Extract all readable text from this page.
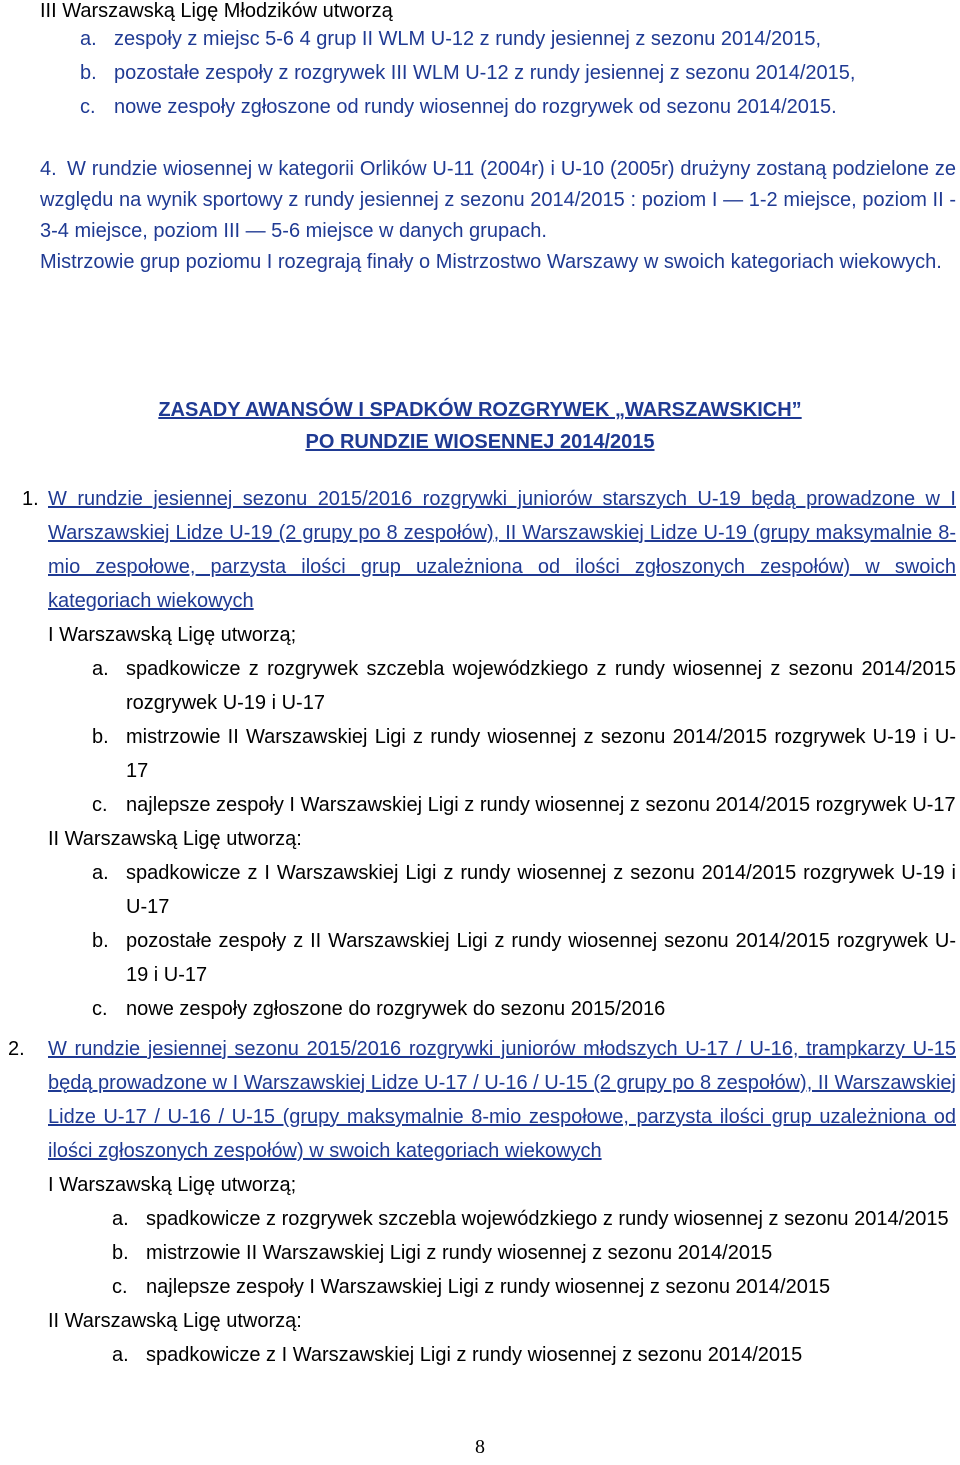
III Warszawską Ligę Młodzików utworzą
a. zespoły z miejsc 5-6 4 grup II WLM U-12 z rundy jesiennej z sezonu 2014/2015,
b. pozostałe zespoły z rozgrywek III WLM U-12 z rundy jesiennej z sezonu 2014/2015,
c. nowe zespoły zgłoszone od rundy wiosennej do rozgrywek od sezonu 2014/2015.
4. W rundzie wiosennej w kategorii Orlików U-11 (2004r) i U-10 (2005r) drużyny zostaną podzielone ze względu na wynik sportowy z rundy jesiennej z sezonu 2014/2015 : poziom I — 1-2 miejsce, poziom II - 3-4 miejsce, poziom III — 5-6 miejsce w danych grupach.
Mistrzowie grup poziomu I rozegrają finały o Mistrzostwo Warszawy w swoich kategoriach wiekowych.
ZASADY AWANSÓW I SPADKÓW ROZGRYWEK „WARSZAWSKICH”
PO RUNDZIE WIOSENNEJ 2014/2015
1. W rundzie jesiennej sezonu 2015/2016 rozgrywki juniorów starszych U-19 będą prowadzone w I Warszawskiej Lidze U-19 (2 grupy po 8 zespołów), II Warszawskiej Lidze U-19 (grupy maksymalnie 8-mio zespołowe, parzysta ilości grup uzależniona od ilości zgłoszonych zespołów) w swoich kategoriach wiekowych
I Warszawską Ligę utworzą;
a. spadkowicze z rozgrywek szczebla wojewódzkiego z rundy wiosennej z sezonu 2014/2015 rozgrywek U-19 i U-17
b. mistrzowie II Warszawskiej Ligi z rundy wiosennej z sezonu 2014/2015 rozgrywek U-19 i U-17
c. najlepsze zespoły I Warszawskiej Ligi z rundy wiosennej z sezonu 2014/2015 rozgrywek U-17
II Warszawską Ligę utworzą:
a. spadkowicze z I Warszawskiej Ligi z rundy wiosennej z sezonu 2014/2015 rozgrywek U-19 i U-17
b. pozostałe zespoły z II Warszawskiej Ligi z rundy wiosennej sezonu 2014/2015 rozgrywek U-19 i U-17
c. nowe zespoły zgłoszone do rozgrywek do sezonu 2015/2016
2. W rundzie jesiennej sezonu 2015/2016 rozgrywki juniorów młodszych U-17 / U-16, trampkarzy U-15 będą prowadzone w I Warszawskiej Lidze U-17 / U-16 / U-15 (2 grupy po 8 zespołów), II Warszawskiej Lidze U-17 / U-16 / U-15 (grupy maksymalnie 8-mio zespołowe, parzysta ilości grup uzależniona od ilości zgłoszonych zespołów) w swoich kategoriach wiekowych
I Warszawską Ligę utworzą;
a. spadkowicze z rozgrywek szczebla wojewódzkiego z rundy wiosennej z sezonu 2014/2015
b. mistrzowie II Warszawskiej Ligi z rundy wiosennej z sezonu 2014/2015
c. najlepsze zespoły I Warszawskiej Ligi z rundy wiosennej z sezonu 2014/2015
II Warszawską Ligę utworzą:
a. spadkowicze z I Warszawskiej Ligi z rundy wiosennej z sezonu 2014/2015
8
